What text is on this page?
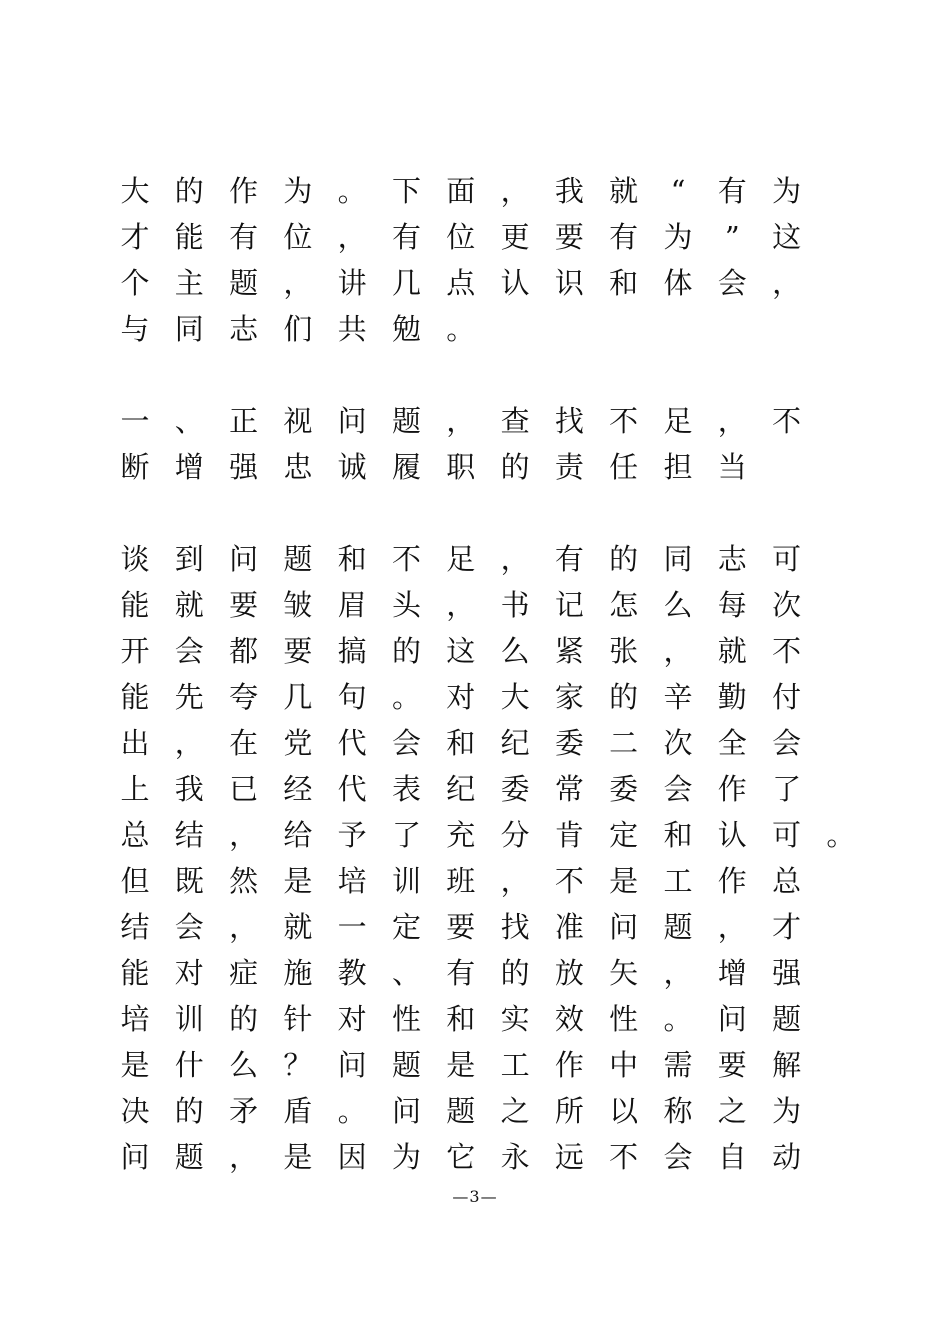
大 的 作 为 。 下 面 ， 我 就	“	有 为
才 能 有 位 ， 有 位 更 要 有 为	”	这
个 主 题 ， 讲 几 点 认 识 和 体 会 ，
与 同 志 们 共 勉 。
一 、 正 视 问 题 ， 查 找 不 足 ， 不
断 增 强 忠 诚 履 职 的 责 任 担 当
谈 到 问 题 和 不 足 ， 有 的 同 志 可
能 就 要 皱 眉 头 ， 书 记 怎 么 每 次
开 会 都 要 搞 的 这 么 紧 张 ， 就 不
能 先 夸 几 句 。 对 大 家 的 辛 勤 付
出 ， 在 党 代 会 和 纪 委 二 次 全 会
上 我 已 经 代 表 纪 委 常 委 会 作 了
总 结 ， 给 予 了 充 分 肯 定 和 认 可 。
但 既 然 是 培 训 班 ， 不 是 工 作 总
结 会 ， 就 一 定 要 找 准 问 题 ， 才
能 对 症 施 教 、 有 的 放 矢 ， 增 强
培 训 的 针 对 性 和 实 效 性 。 问 题
是 什 么 ？ 问 题 是 工 作 中 需 要 解
决 的 矛 盾 。 问 题 之 所 以 称 之 为
问 题 ， 是 因 为 它 永 远 不 会 自 动
—3—
